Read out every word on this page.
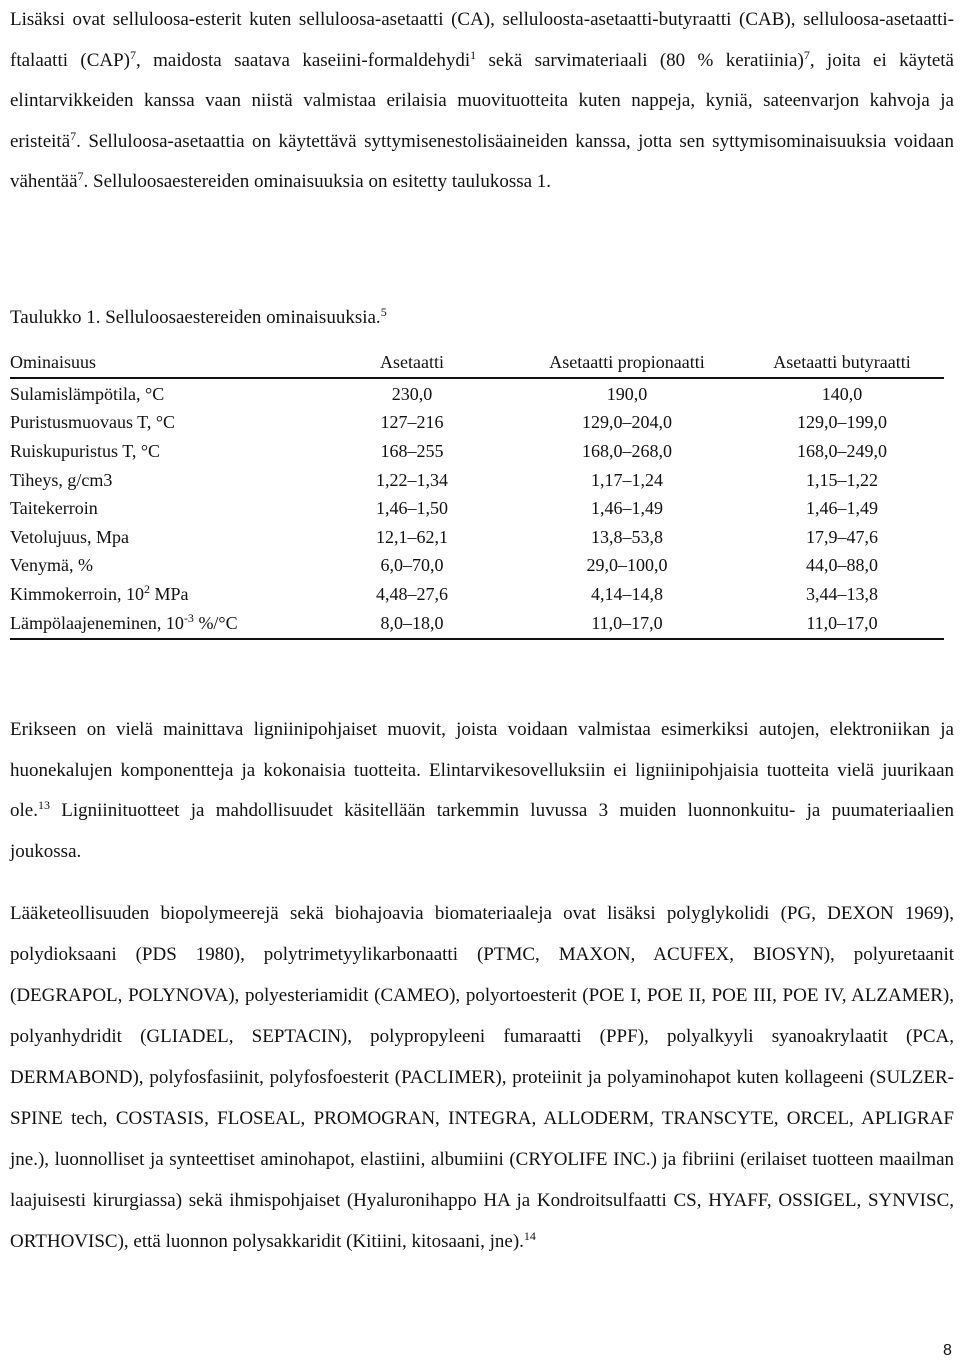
Lisäksi ovat selluloosa-esterit kuten selluloosa-asetaatti (CA), selluloosta-asetaatti-butyraatti (CAB), selluloosa-asetaatti-ftalaatti (CAP)$^7$, maidosta saatava kaseiini-formaldehydi$^1$ sekä sarvimateriaali (80 % keratiinia)$^7$, joita ei käytetä elintarvikkeiden kanssa vaan niistä valmistaa erilaisia muovituotteita kuten nappeja, kyniä, sateenvarjon kahvoja ja eristeitä$^7$. Selluloosa-asetaattia on käytettävä syttymisenestolisäaineiden kanssa, jotta sen syttymisominaisuuksia voidaan vähentää$^7$. Selluloosaestereiden ominaisuuksia on esitetty taulukossa 1.

Taulukko 1. Selluloosaestereiden ominaisuuksia.$^5$

Ominaisuus	Asetaatti	Asetaatti propionaatti	Asetaatti butyraatti
Sulamislämpötila, °C	230,0	190,0	140,0
Puristusmuovaus T, °C	127‒216	129,0‒204,0	129,0‒199,0
Ruiskupuristus T, °C	168‒255	168,0‒268,0	168,0‒249,0
Tiheys, g/cm3	1,22‒1,34	1,17‒1,24	1,15‒1,22
Taitekerroin	1,46‒1,50	1,46‒1,49	1,46‒1,49
Vetolujuus, Mpa	12,1‒62,1	13,8‒53,8	17,9‒47,6
Venymä, %	6,0‒70,0	29,0‒100,0	44,0‒88,0
Kimmokerroin, $10^2$ MPa	4,48‒27,6	4,14‒14,8	3,44‒13,8
Lämpölaajeneminen, $10^{-3}$ %/°C	8,0‒18,0	11,0‒17,0	11,0‒17,0

Erikseen on vielä mainittava ligniinipohjaiset muovit, joista voidaan valmistaa esimerkiksi autojen, elektroniikan ja huonekalujen komponentteja ja kokonaisia tuotteita. Elintarvikesovelluksiin ei ligniinipohjaisia tuotteita vielä juurikaan ole.$^{13}$ Ligniinituotteet ja mahdollisuudet käsitellään tarkemmin luvussa 3 muiden luonnonkuitu- ja puumateriaalien joukossa.

Lääketeollisuuden biopolymeerejä sekä biohajoavia biomateriaaleja ovat lisäksi polyglykolidi (PG, DEXON 1969), polydioksaani (PDS 1980), polytrimetyylikarbonaatti (PTMC, MAXON, ACUFEX, BIOSYN), polyuretaanit (DEGRAPOL, POLYNOVA), polyesteriamidit (CAMEO), polyortoesterit (POE I, POE II, POE III, POE IV, ALZAMER), polyanhydridit (GLIADEL, SEPTACIN), polypropyleeni fumaraatti (PPF), polyalkyyli syanoakrylaatit (PCA, DERMABOND), polyfosfasiinit, polyfosfoesterit (PACLIMER), proteiinit ja polyaminohapot kuten kollageeni (SULZER-SPINE tech, COSTASIS, FLOSEAL, PROMOGRAN, INTEGRA, ALLODERM, TRANSCYTE, ORCEL, APLIGRAF jne.), luonnolliset ja synteettiset aminohapot, elastiini, albumiini (CRYOLIFE INC.) ja fibriini (erilaiset tuotteen maailman laajuisesti kirurgiassa) sekä ihmispohjaiset (Hyaluronihappo HA ja Kondroitsulfaatti CS, HYAFF, OSSIGEL, SYNVISC, ORTHOVISC), että luonnon polysakkaridit (Kitiini, kitosaani, jne).$^{14}$

8
